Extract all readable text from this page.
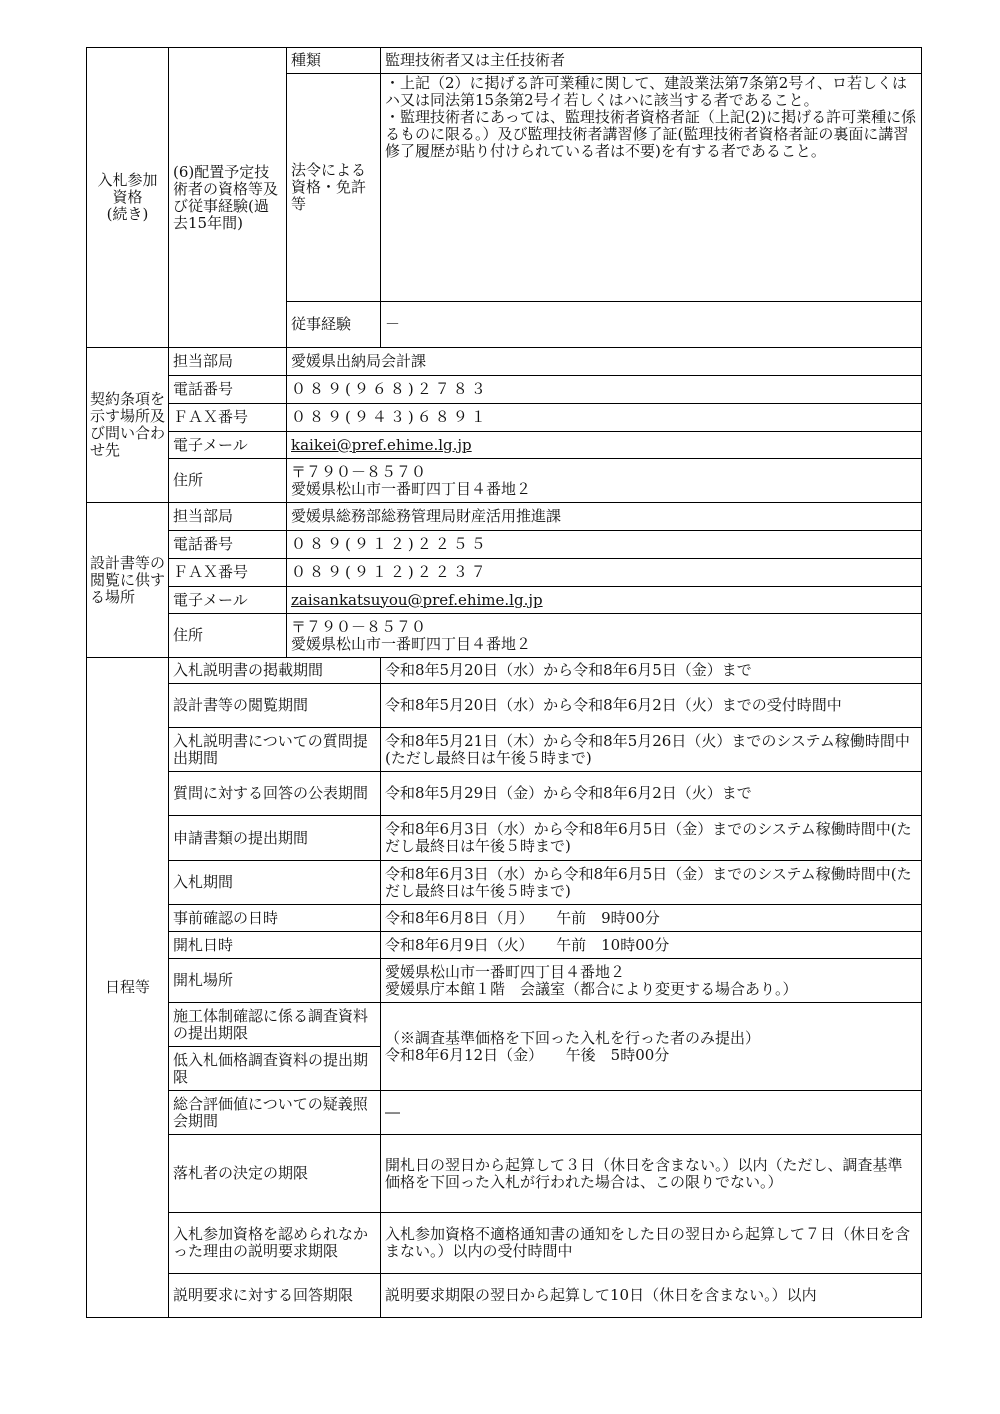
入札参加
資格
(続き)	(6)配置予定技術者の資格等及び従事経験(過去15年間)	種類	監理技術者又は主任技術者
		法令による資格・免許等	・上記（2）に掲げる許可業種に関して、建設業法第7条第2号イ、ロ若しくはハ又は同法第15条第2号イ若しくはハに該当する者であること。
・監理技術者にあっては、監理技術者資格者証（上記(2)に掲げる許可業種に係るものに限る。）及び監理技術者講習修了証(監理技術者資格者証の裏面に講習修了履歴が貼り付けられている者は不要)を有する者であること。

		従事経験	－
契約条項を示す場所及び問い合わせ先	担当部局	愛媛県出納局会計課	
	電話番号	０８９(９６８)２７８３	
	ＦＡＸ番号	０８９(９４３)６８９１	
	電子メール	kaikei@pref.ehime.lg.jp	
	住所	〒７９０－８５７０
愛媛県松山市一番町四丁目４番地２	
設計書等の閲覧に供する場所	担当部局	愛媛県総務部総務管理局財産活用推進課	
	電話番号	０８９(９１２)２２５５	
	ＦＡＸ番号	０８９(９１２)２２３７	
	電子メール	zaisankatsuyou@pref.ehime.lg.jp	
	住所	〒７９０－８５７０
愛媛県松山市一番町四丁目４番地２	
日程等	入札説明書の掲載期間		令和8年5月20日（水）から令和8年6月5日（金）まで
	設計書等の閲覧期間		令和8年5月20日（水）から令和8年6月2日（火）までの受付時間中
	入札説明書についての質問提出期間		令和8年5月21日（木）から令和8年5月26日（火）までのシステム稼働時間中(ただし最終日は午後５時まで)
	質問に対する回答の公表期間		令和8年5月29日（金）から令和8年6月2日（火）まで
	申請書類の提出期間		令和8年6月3日（水）から令和8年6月5日（金）までのシステム稼働時間中(ただし最終日は午後５時まで)
	入札期間		令和8年6月3日（水）から令和8年6月5日（金）までのシステム稼働時間中(ただし最終日は午後５時まで)
	事前確認の日時		令和8年6月8日（月）　　午前　9時00分
	開札日時		令和8年6月9日（火）　　午前　10時00分
	開札場所		愛媛県松山市一番町四丁目４番地２
愛媛県庁本館１階　会議室（都合により変更する場合あり。）
	施工体制確認に係る調査資料の提出期限		（※調査基準価格を下回った入札を行った者のみ提出）
令和8年6月12日（金）　　午後　5時00分
	低入札価格調査資料の提出期限		
	総合評価値についての疑義照会期間		―
	落札者の決定の期限		開札日の翌日から起算して３日（休日を含まない。）以内（ただし、調査基準価格を下回った入札が行われた場合は、この限りでない。）
	入札参加資格を認められなかった理由の説明要求期限		入札参加資格不適格通知書の通知をした日の翌日から起算して７日（休日を含まない。）以内の受付時間中
	説明要求に対する回答期限		説明要求期限の翌日から起算して10日（休日を含まない。）以内
